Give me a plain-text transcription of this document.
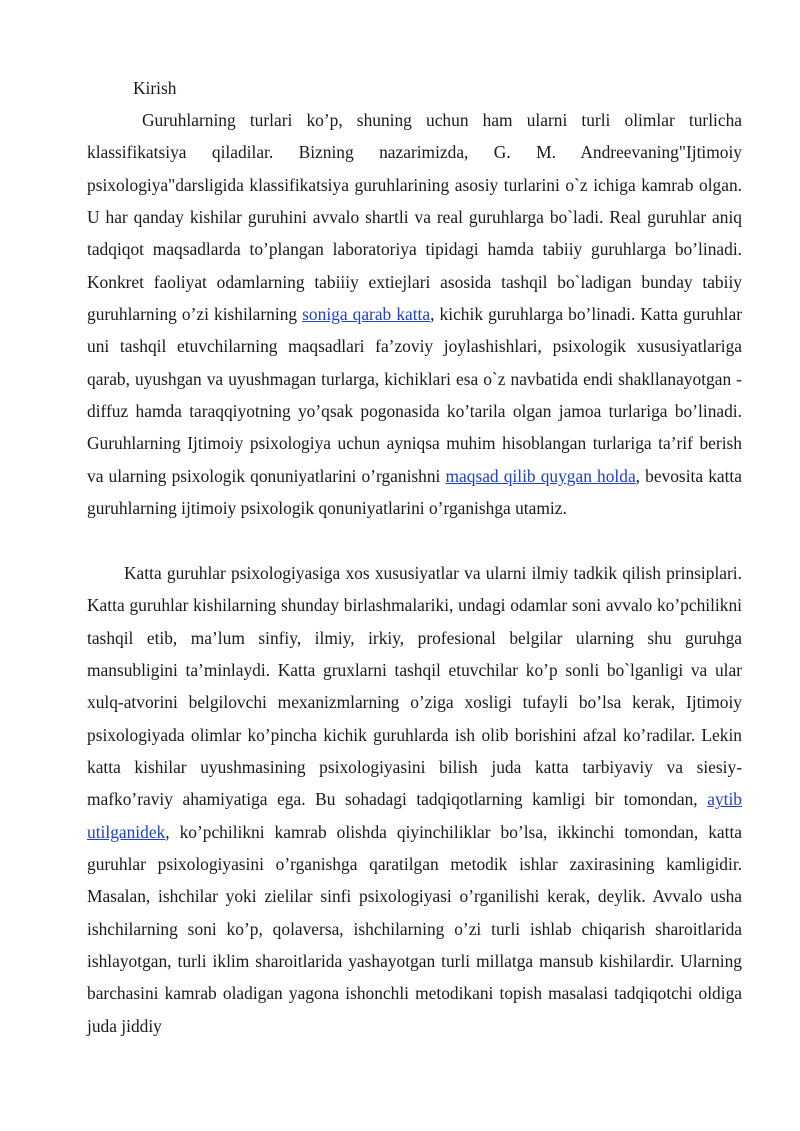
Kirish

Guruhlarning turlari ko’p, shuning uchun ham ularni turli olimlar turlicha klassifikatsiya qiladilar. Bizning nazarimizda, G. M. Andreevaning"Ijtimoiy psixologiya"darsligida klassifikatsiya guruhlarining asosiy turlarini o`z ichiga kamrab olgan. U har qanday kishilar guruhini avvalo shartli va real guruhlarga bo`ladi. Real guruhlar aniq tadqiqot maqsadlarda to’plangan laboratoriya tipidagi hamda tabiiy guruhlarga bo’linadi. Konkret faoliyat odamlarning tabiiiy extiejlari asosida tashqil bo`ladigan bunday tabiiy guruhlarning o’zi kishilarning soniga qarab katta, kichik guruhlarga bo’linadi. Katta guruhlar uni tashqil etuvchilarning maqsadlari fa’zoviy joylashishlari, psixologik xususiyatlariga qarab, uyushgan va uyushmagan turlarga, kichiklari esa o`z navbatida endi shakllanayotgan - diffuz hamda taraqqiyotning yo’qsak pogonasida ko’tarila olgan jamoa turlariga bo’linadi. Guruhlarning Ijtimoiy psixologiya uchun ayniqsa muhim hisoblangan turlariga ta’rif berish va ularning psixologik qonuniyatlarini o’rganishni maqsad qilib quygan holda, bevosita katta guruhlarning ijtimoiy psixologik qonuniyatlarini o’rganishga utamiz.

Katta guruhlar psixologiyasiga xos xususiyatlar va ularni ilmiy tadkik qilish prinsiplari. Katta guruhlar kishilarning shunday birlashmalariki, undagi odamlar soni avvalo ko’pchilikni tashqil etib, ma’lum sinfiy, ilmiy, irkiy, profesional belgilar ularning shu guruhga mansubligini ta’minlaydi. Katta gruxlarni tashqil etuvchilar ko’p sonli bo`lganligi va ular xulq-atvorini belgilovchi mexanizmlarning o’ziga xosligi tufayli bo’lsa kerak, Ijtimoiy psixologiyada olimlar ko’pincha kichik guruhlarda ish olib borishini afzal ko’radilar. Lekin katta kishilar uyushmasining psixologiyasini bilish juda katta tarbiyaviy va siesiy-mafko’raviy ahamiyatiga ega. Bu sohadagi tadqiqotlarning kamligi bir tomondan, aytib utilganidek, ko’pchilikni kamrab olishda qiyinchiliklar bo’lsa, ikkinchi tomondan, katta guruhlar psixologiyasini o’rganishga qaratilgan metodik ishlar zaxirasining kamligidir. Masalan, ishchilar yoki zielilar sinfi psixologiyasi o’rganilishi kerak, deylik. Avvalo usha ishchilarning soni ko’p, qolaversa, ishchilarning o’zi turli ishlab chiqarish sharoitlarida ishlayotgan, turli iklim sharoitlarida yashayotgan turli millatga mansub kishilardir. Ularning barchasini kamrab oladigan yagona ishonchli metodikani topish masalasi tadqiqotchi oldiga juda jiddiy
